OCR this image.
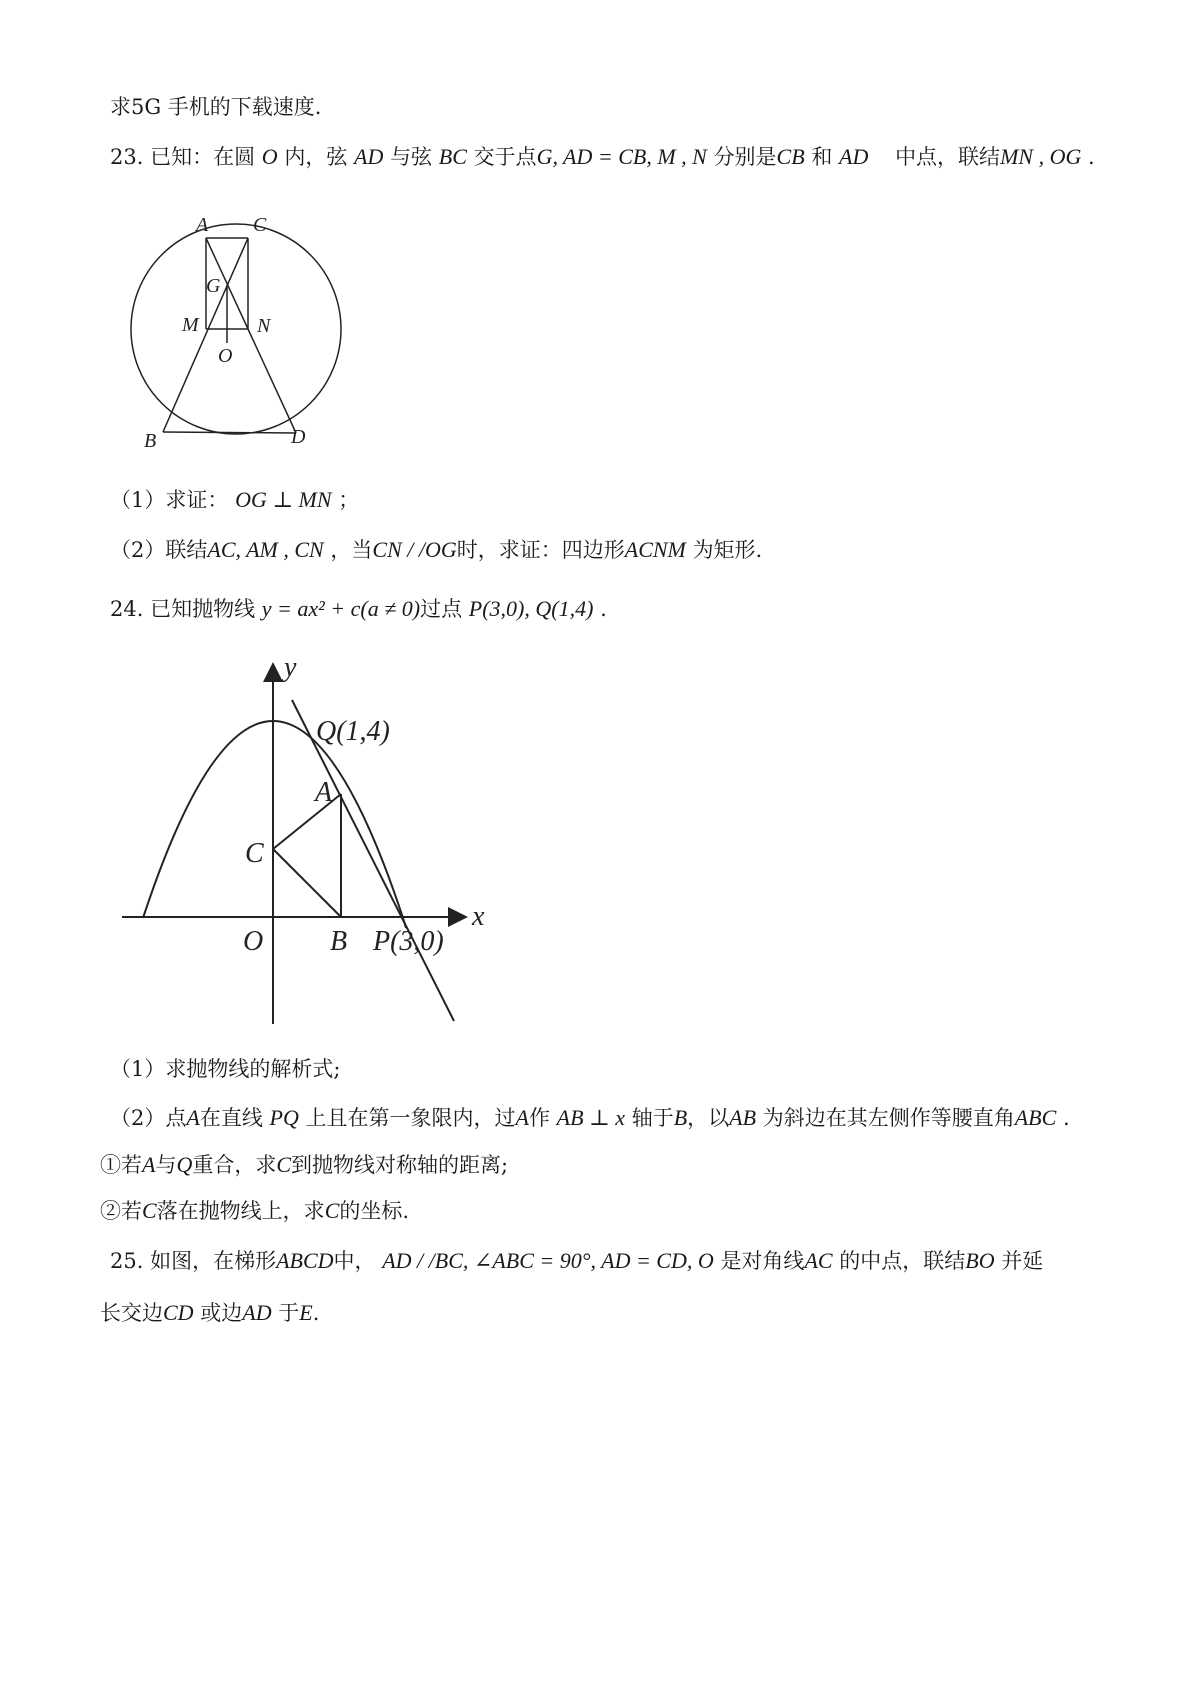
求5G 手机的下载速度.
23. 已知：在圆 O 内，弦 AD 与弦 BC 交于点G, AD = CB, M , N 分别是CB 和 AD 中点，联结MN , OG .
A C
G
M	N
O
B	D
（1）求证： OG ⊥ MN ；
（2）联结AC, AM , CN ，当CN / /OG时，求证：四边形ACNM 为矩形.
24. 已知抛物线 y = ax² + c(a ≠ 0)过点 P(3,0), Q(1,4) .
y
x
Q(1,4)
A
C
O B P(3,0)
（1）求抛物线的解析式;
（2）点A在直线 PQ 上且在第一象限内，过A作 AB ⊥ x 轴于B，以AB 为斜边在其左侧作等腰直角ABC .
①若A与Q重合，求C到抛物线对称轴的距离;
②若C落在抛物线上，求C的坐标.
25. 如图，在梯形ABCD中， AD / /BC, ∠ABC = 90°, AD = CD, O 是对角线AC 的中点，联结BO 并延
长交边CD 或边AD 于E.
